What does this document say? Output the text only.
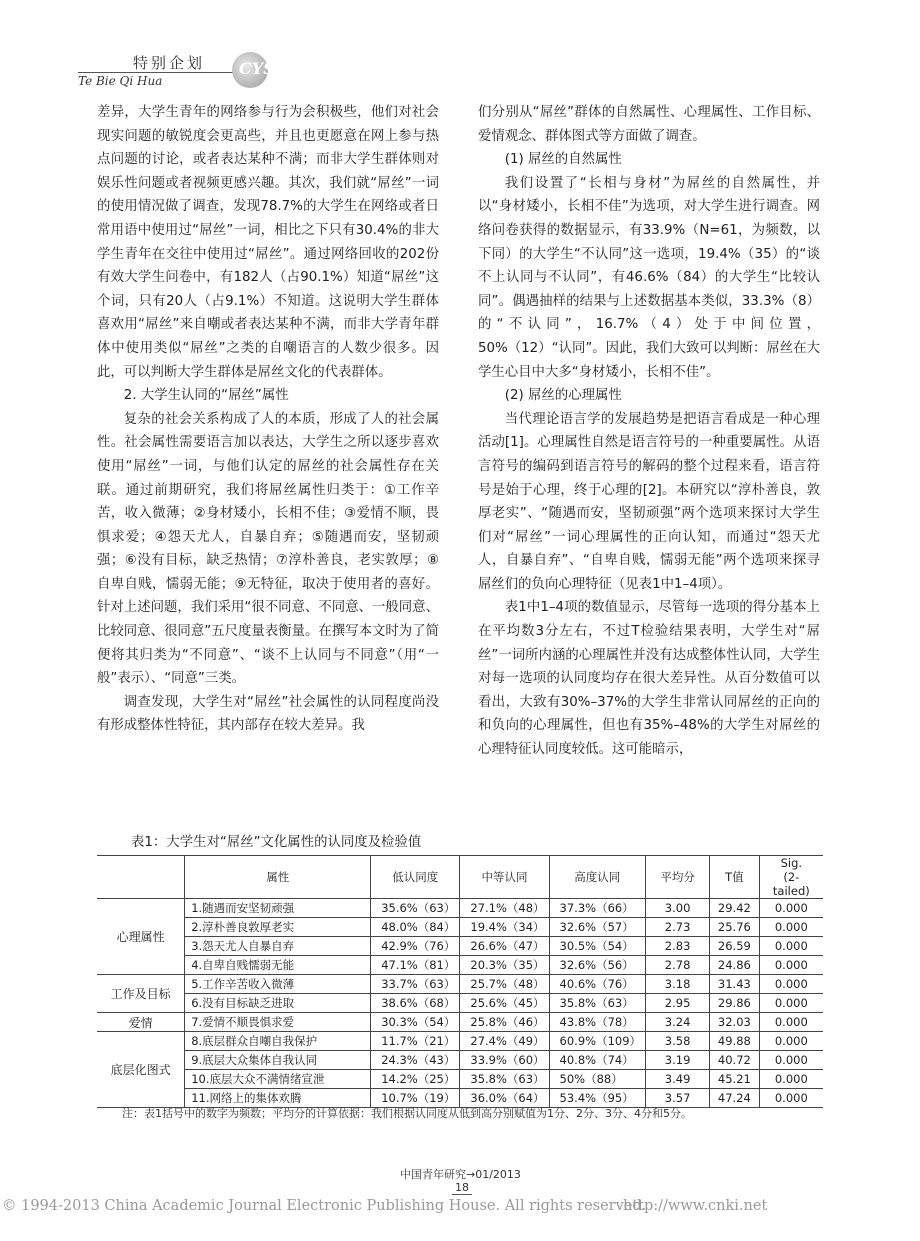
特别企划
Te Bie Qi Hua
CYS
差异，大学生青年的网络参与行为会积极些，他们对社会现实问题的敏锐度会更高些，并且也更愿意在网上参与热点问题的讨论，或者表达某种不满；而非大学生群体则对娱乐性问题或者视频更感兴趣。其次，我们就“屌丝”一词的使用情况做了调查，发现78.7%的大学生在网络或者日常用语中使用过“屌丝”一词，相比之下只有30.4%的非大学生青年在交往中使用过“屌丝”。通过网络回收的202份有效大学生问卷中，有182人（占90.1%）知道“屌丝”这个词，只有20人（占9.1%）不知道。这说明大学生群体喜欢用“屌丝”来自嘲或者表达某种不满，而非大学青年群体中使用类似“屌丝”之类的自嘲语言的人数少很多。因此，可以判断大学生群体是屌丝文化的代表群体。
2. 大学生认同的“屌丝”属性
复杂的社会关系构成了人的本质，形成了人的社会属性。社会属性需要语言加以表达，大学生之所以逐步喜欢使用“屌丝”一词，与他们认定的屌丝的社会属性存在关联。通过前期研究，我们将屌丝属性归类于：①工作辛苦，收入微薄；②身材矮小，长相不佳；③爱情不顺，畏惧求爱；④怨天尤人，自暴自弃；⑤随遇而安，坚韧顽强；⑥没有目标，缺乏热情；⑦淳朴善良，老实敦厚；⑧自卑自贱，懦弱无能；⑨无特征，取决于使用者的喜好。针对上述问题，我们采用“很不同意、不同意、一般同意、比较同意、很同意”五尺度量表衡量。在撰写本文时为了简便将其归类为“不同意”、“谈不上认同与不同意”（用“一般”表示）、“同意”三类。
调查发现，大学生对“屌丝”社会属性的认同程度尚没有形成整体性特征，其内部存在较大差异。我
们分别从“屌丝”群体的自然属性、心理属性、工作目标、爱情观念、群体图式等方面做了调查。
(1) 屌丝的自然属性
我们设置了“长相与身材”为屌丝的自然属性，并以“身材矮小，长相不佳”为选项，对大学生进行调查。网络问卷获得的数据显示，有33.9%（N=61，为频数，以下同）的大学生“不认同”这一选项，19.4%（35）的“谈不上认同与不认同”，有46.6%（84）的大学生“比较认同”。偶遇抽样的结果与上述数据基本类似，33.3%（8）的“不认同”，16.7%（4）处于中间位置，50%（12）“认同”。因此，我们大致可以判断：屌丝在大学生心目中大多“身材矮小，长相不佳”。
(2) 屌丝的心理属性
当代理论语言学的发展趋势是把语言看成是一种心理活动[1]。心理属性自然是语言符号的一种重要属性。从语言符号的编码到语言符号的解码的整个过程来看，语言符号是始于心理，终于心理的[2]。本研究以“淳朴善良，敦厚老实”、“随遇而安，坚韧顽强”两个选项来探讨大学生们对“屌丝”一词心理属性的正向认知，而通过“怨天尤人，自暴自弃”、“自卑自贱，懦弱无能”两个选项来探寻屌丝们的负向心理特征（见表1中1–4项）。
表1中1–4项的数值显示，尽管每一选项的得分基本上在平均数3分左右，不过T检验结果表明，大学生对“屌丝”一词所内涵的心理属性并没有达成整体性认同，大学生对每一选项的认同度均存在很大差异性。从百分数值可以看出，大致有30%–37%的大学生非常认同屌丝的正向的和负向的心理属性，但也有35%–48%的大学生对屌丝的心理特征认同度较低。这可能暗示，
表1：大学生对“屌丝”文化属性的认同度及检验值
	属性	低认同度	中等认同	高度认同	平均分	T值	Sig.
(2- tailed)
心理属性	1.随遇而安坚韧顽强	35.6%（63）	27.1%（48）	37.3%（66）	3.00	29.42	0.000
	2.淳朴善良敦厚老实	48.0%（84）	19.4%（34）	32.6%（57）	2.73	25.76	0.000
	3.怨天尤人自暴自弃	42.9%（76）	26.6%（47）	30.5%（54）	2.83	26.59	0.000
	4.自卑自贱懦弱无能	47.1%（81）	20.3%（35）	32.6%（56）	2.78	24.86	0.000
工作及目标	5.工作辛苦收入微薄	33.7%（63）	25.7%（48）	40.6%（76）	3.18	31.43	0.000
	6.没有目标缺乏进取	38.6%（68）	25.6%（45）	35.8%（63）	2.95	29.86	0.000
爱情	7.爱情不顺畏惧求爱	30.3%（54）	25.8%（46）	43.8%（78）	3.24	32.03	0.000
底层化图式	8.底层群众自嘲自我保护	11.7%（21）	27.4%（49）	60.9%（109）	3.58	49.88	0.000
	9.底层大众集体自我认同	24.3%（43）	33.9%（60）	40.8%（74）	3.19	40.72	0.000
	10.底层大众不满情绪宣泄	14.2%（25）	35.8%（63）	50%（88）	3.49	45.21	0.000
	11.网络上的集体欢腾	10.7%（19）	36.0%（64）	53.4%（95）	3.57	47.24	0.000
注：表1括号中的数字为频数；平均分的计算依据：我们根据认同度从低到高分别赋值为1分、2分、3分、4分和5分。
中国青年研究→01/2013
18
© 1994-2013 China Academic Journal Electronic Publishing House. All rights reserved.
http://www.cnki.net
